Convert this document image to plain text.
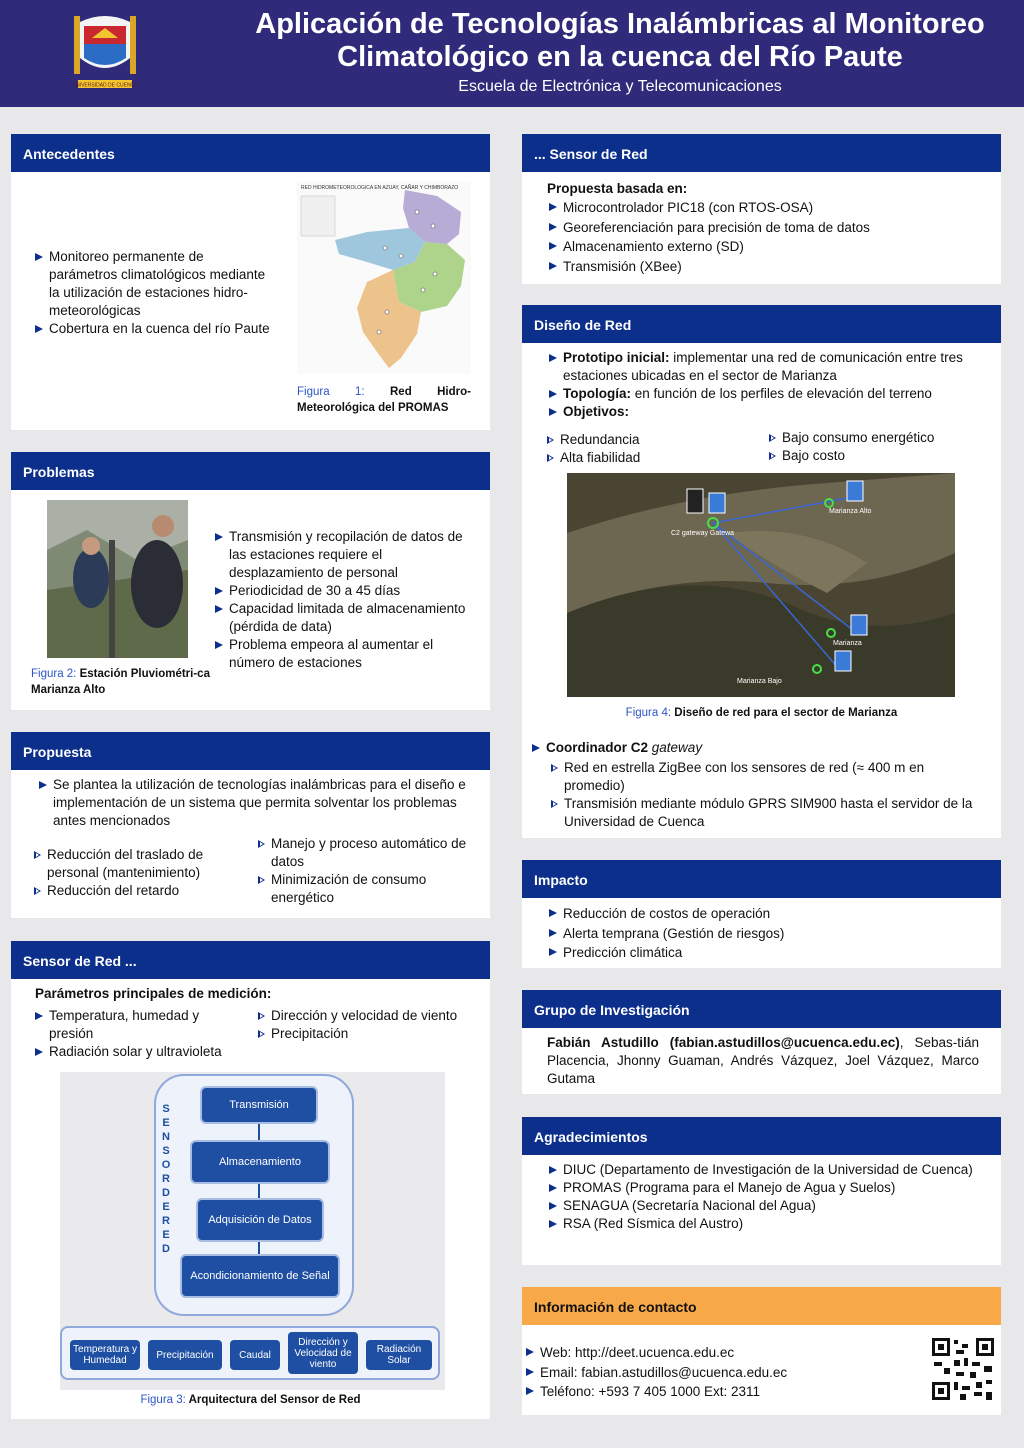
UNIVERSIDAD DE CUENCA
Aplicación de Tecnologías Inalámbricas al Monitoreo Climatológico en la cuenca del Río Paute
Escuela de Electrónica y Telecomunicaciones
Antecedentes
Monitoreo permanente de parámetros climatológicos mediante la utilización de estaciones hidro-meteorológicas
Cobertura en la cuenca del río Paute
RED HIDROMETEOROLOGICA EN AZUAY, CAÑAR Y CHIMBORAZO
Figura 1: Red Hidro-Meteorológica del PROMAS
Problemas
Transmisión y recopilación de datos de las estaciones requiere el desplazamiento de personal
Periodicidad de 30 a 45 días
Capacidad limitada de almacenamiento (pérdida de data)
Problema empeora al aumentar el número de estaciones
Figura 2: Estación Pluviométri-ca Marianza Alto
Propuesta
Se plantea la utilización de tecnologías inalámbricas para el diseño e implementación de un sistema que permita solventar los problemas antes mencionados
Reducción del traslado de personal (mantenimiento)
Reducción del retardo
Manejo y proceso automático de datos
Minimización de consumo energético
Sensor de Red ...
Parámetros principales de medición:
Temperatura, humedad y presión
Radiación solar y ultravioleta
Dirección y velocidad de viento
Precipitación
SENSOR DE RED
Transmisión
Almacenamiento
Adquisición de Datos
Acondicionamiento de Señal
Temperatura y Humedad	Precipitación	Caudal
Dirección y Velocidad de viento
Radiación Solar
Figura 3: Arquitectura del Sensor de Red
... Sensor de Red
Propuesta basada en:
Microcontrolador PIC18 (con RTOS-OSA)
Georeferenciación para precisión de toma de datos
Almacenamiento externo (SD)
Transmisión (XBee)
Diseño de Red
Prototipo inicial: implementar una red de comunicación entre tres estaciones ubicadas en el sector de Marianza
Topología: en función de los perfiles de elevación del terreno
Objetivos:
Redundancia
Alta fiabilidad
Bajo consumo energético
Bajo costo
C2 gateway Gatewa
Marianza Alto
Marianza
Marianza Bajo
Figura 4: Diseño de red para el sector de Marianza
Coordinador C2 gateway
Red en estrella ZigBee con los sensores de red (≈ 400 m en promedio)
Transmisión mediante módulo GPRS SIM900 hasta el servidor de la Universidad de Cuenca
Impacto
Reducción de costos de operación
Alerta temprana (Gestión de riesgos)
Predicción climática
Grupo de Investigación
Fabián Astudillo (fabian.astudillos@ucuenca.edu.ec), Sebas-tián Placencia, Jhonny Guaman, Andrés Vázquez, Joel Vázquez, Marco Gutama
Agradecimientos
DIUC (Departamento de Investigación de la Universidad de Cuenca)
PROMAS (Programa para el Manejo de Agua y Suelos)
SENAGUA (Secretaría Nacional del Agua)
RSA (Red Sísmica del Austro)
Información de contacto
Web: http://deet.ucuenca.edu.ec
Email: fabian.astudillos@ucuenca.edu.ec
Teléfono: +593 7 405 1000 Ext: 2311
